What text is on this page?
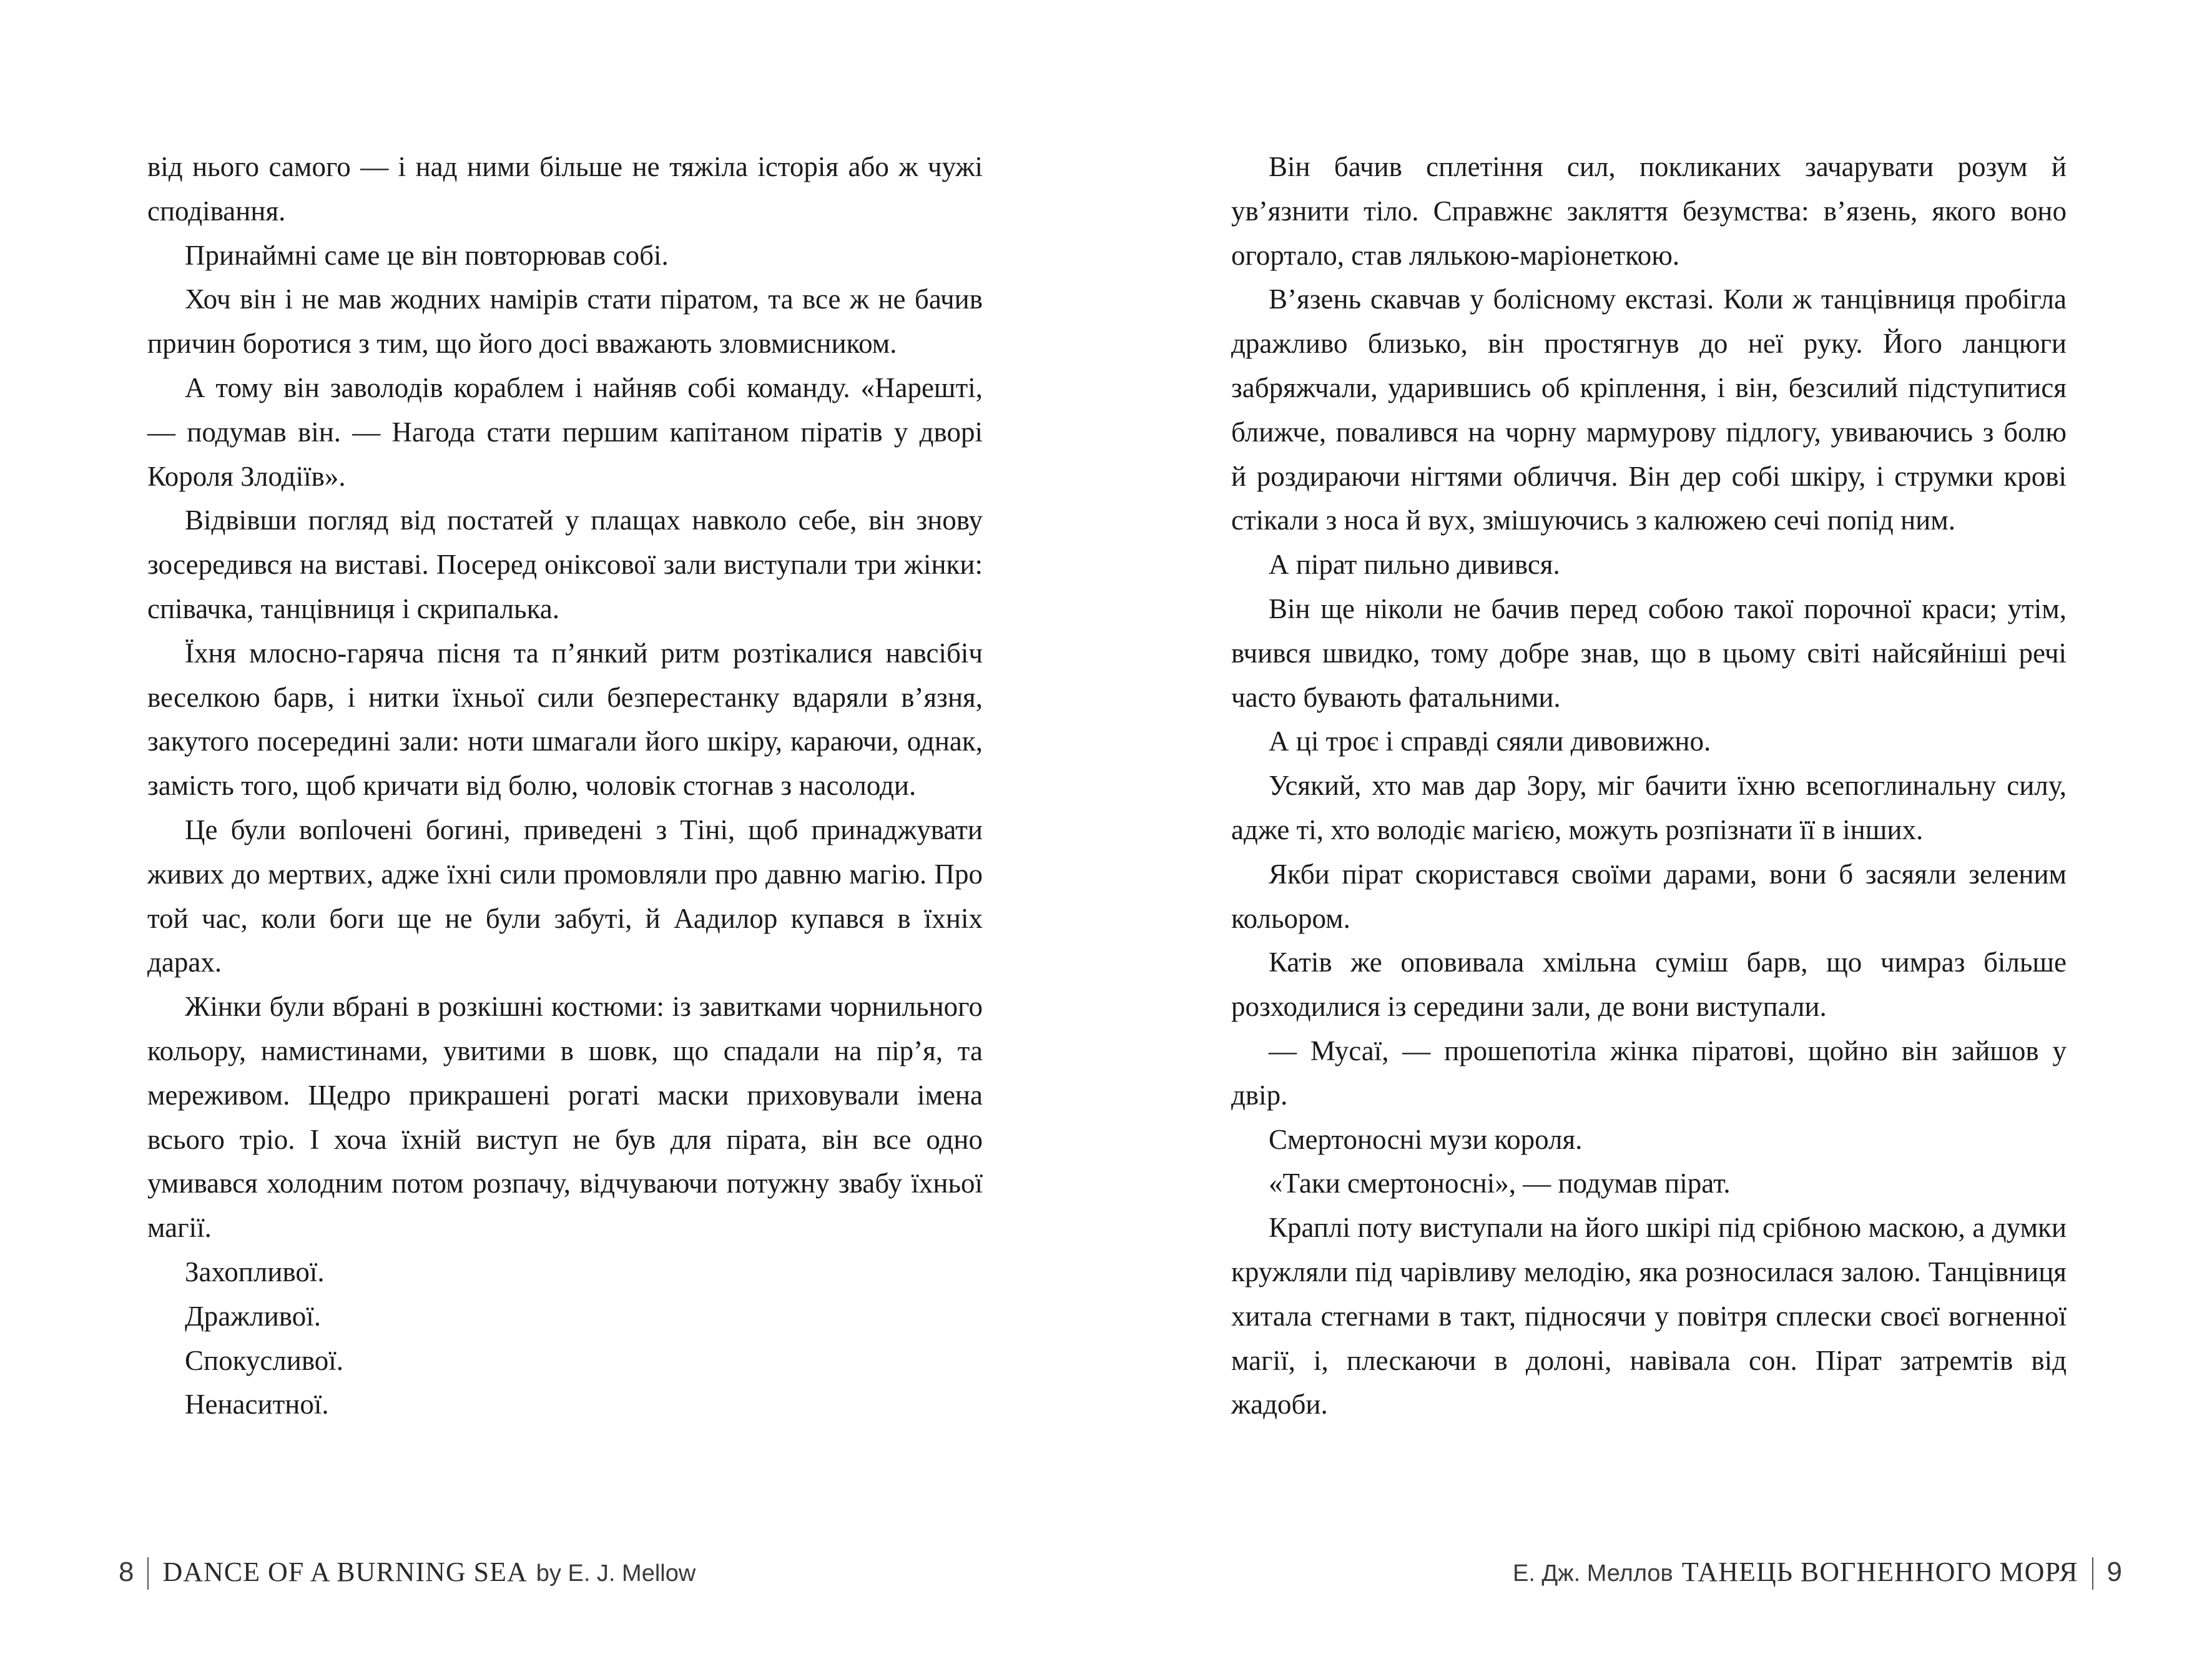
від нього самого — і над ними більше не тяжіла історія або ж чужі сподівання.

Принаймні саме це він повторював собі.

Хоч він і не мав жодних намірів стати піратом, та все ж не бачив причин боротися з тим, що його досі вважають зловмисником.

А тому він заволодів кораблем і найняв собі команду. «Нарешті, — подумав він. — Нагода стати першим капітаном піратів у дворі Короля Злодіїв».

Відвівши погляд від постатей у плащах навколо себе, він знову зосередився на виставі. Посеред оніксової зали виступали три жінки: співачка, танцівниця і скрипалька.

Їхня млосно-гаряча пісня та п’янкий ритм розтікалися навсібіч веселкою барв, і нитки їхньої сили безперестанку вдаряли в’язня, закутого посередині зали: ноти шмагали його шкіру, караючи, однак, замість того, щоб кричати від болю, чоловік стогнав з насолоди.

Це були вопloчені богині, приведені з Тіні, щоб принаджувати живих до мертвих, адже їхні сили промовляли про давню магію. Про той час, коли боги ще не були забуті, й Аадилор купався в їхніх дарах.

Жінки були вбрані в розкішні костюми: із завитками чорнильного кольору, намистинами, увитими в шовк, що спадали на пір’я, та мереживом. Щедро прикрашені рогаті маски приховували імена всього тріо. І хоча їхній виступ не був для пірата, він все одно умивався холодним потом розпачу, відчуваючи потужну звабу їхньої магії.

Захопливої.

Дражливої.

Спокусливої.

Ненаситної.

8 DANCE OF A BURNING SEA by E. J. Mellow

Він бачив сплетіння сил, покликаних зачарувати розум й ув’язнити тіло. Справжнє закляття безумства: в’язень, якого воно огортало, став лялькою-маріонеткою.

В’язень скавчав у болісному екстазі. Коли ж танцівниця пробігла дражливо близько, він простягнув до неї руку. Його ланцюги забряжчали, ударившись об кріплення, і він, безсилий підступитися ближче, повалився на чорну мармурову підлогу, увиваючись з болю й роздираючи нігтями обличчя. Він дер собі шкіру, і струмки крові стікали з носа й вух, змішуючись з калюжею сечі попід ним.

А пірат пильно дивився.

Він ще ніколи не бачив перед собою такої порочної краси; утім, вчився швидко, тому добре знав, що в цьому світі найсяйніші речі часто бувають фатальними.

А ці троє і справді сяяли дивовижно.

Усякий, хто мав дар Зору, міг бачити їхню всепоглинальну силу, адже ті, хто володіє магією, можуть розпізнати її в інших.

Якби пірат скористався своїми дарами, вони б засяяли зеленим кольором.

Катів же оповивала хмільна суміш барв, що чимраз більше розходилися із середини зали, де вони виступали.

— Мусаї, — прошепотіла жінка піратові, щойно він зайшов у двір.

Смертоносні музи короля.

«Таки смертоносні», — подумав пірат.

Краплі поту виступали на його шкірі під срібною маскою, а думки кружляли під чарівливу мелодію, яка розносилася залою. Танцівниця хитала стегнами в такт, підносячи у повітря сплески своєї вогненної магії, і, плескаючи в долоні, навівала сон. Пірат затремтів від жадоби.

Е. Дж. Меллов ТАНЕЦЬ ВОГНЕННОГО МОРЯ 9
